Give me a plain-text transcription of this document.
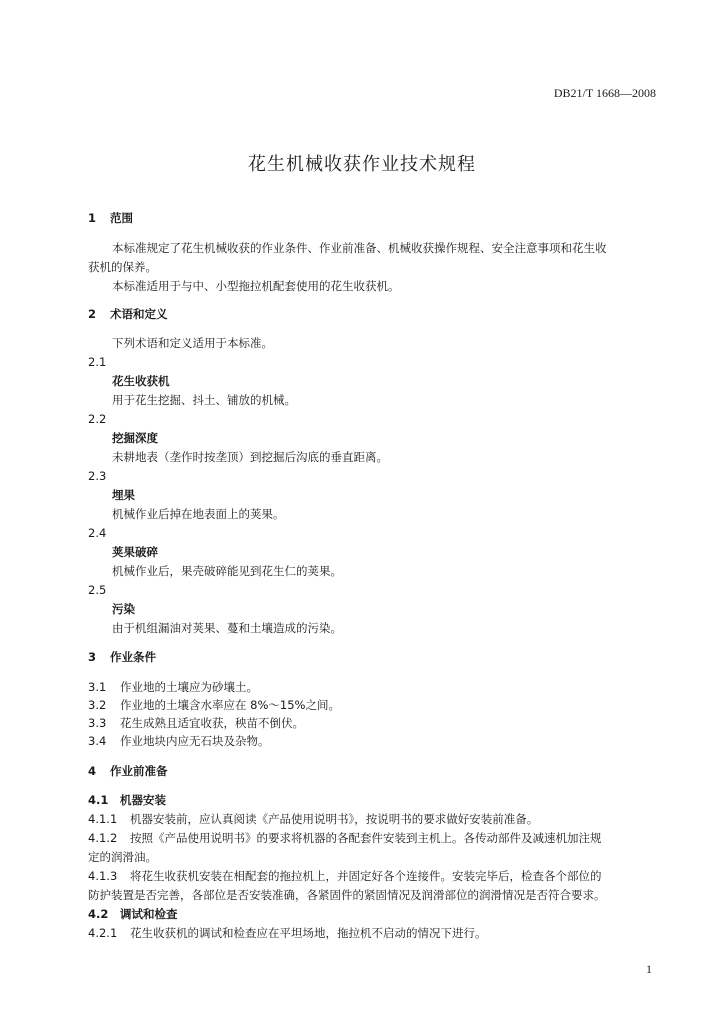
DB21/T 1668—2008
花生机械收获作业技术规程
1 范围
本标准规定了花生机械收获的作业条件、作业前准备、机械收获操作规程、安全注意事项和花生收
获机的保养。
本标准适用于与中、小型拖拉机配套使用的花生收获机。
2 术语和定义
下列术语和定义适用于本标准。
2.1
花生收获机
用于花生挖掘、抖土、铺放的机械。
2.2
挖掘深度
未耕地表（垄作时按垄顶）到挖掘后沟底的垂直距离。
2.3
埋果
机械作业后掉在地表面上的荚果。
2.4
荚果破碎
机械作业后，果壳破碎能见到花生仁的荚果。
2.5
污染
由于机组漏油对荚果、蔓和土壤造成的污染。
3 作业条件
3.1 作业地的土壤应为砂壤土。
3.2 作业地的土壤含水率应在 8%～15%之间。
3.3 花生成熟且适宜收获，秧苗不倒伏。
3.4 作业地块内应无石块及杂物。
4 作业前准备
4.1 机器安装
4.1.1 机器安装前，应认真阅读《产品使用说明书》，按说明书的要求做好安装前准备。
4.1.2 按照《产品使用说明书》的要求将机器的各配套件安装到主机上。各传动部件及减速机加注规
定的润滑油。
4.1.3 将花生收获机安装在相配套的拖拉机上，并固定好各个连接件。安装完毕后，检查各个部位的
防护装置是否完善，各部位是否安装准确，各紧固件的紧固情况及润滑部位的润滑情况是否符合要求。
4.2 调试和检查
4.2.1 花生收获机的调试和检查应在平坦场地，拖拉机不启动的情况下进行。
1
